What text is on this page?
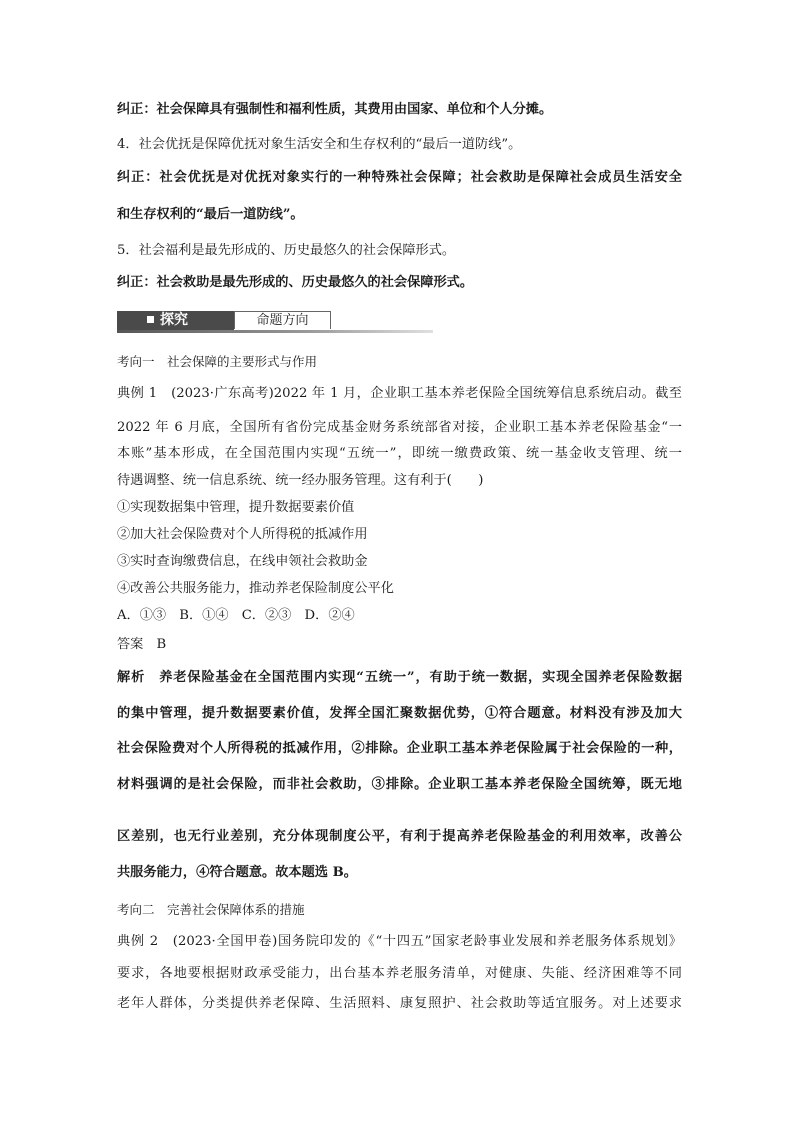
纠正：社会保障具有强制性和福利性质，其费用由国家、单位和个人分摊。
4．社会优抚是保障优抚对象生活安全和生存权利的“最后一道防线”。
纠正：社会优抚是对优抚对象实行的一种特殊社会保障；社会救助是保障社会成员生活安全
和生存权利的“最后一道防线”。
5．社会福利是最先形成的、历史最悠久的社会保障形式。
纠正：社会救助是最先形成的、历史最悠久的社会保障形式。
探究	命题方向
考向一　社会保障的主要形式与作用
典例 1　(2023·广东高考)2022 年 1 月，企业职工基本养老保险全国统筹信息系统启动。截至
2022 年 6 月底，全国所有省份完成基金财务系统部省对接，企业职工基本养老保险基金“一
本账”基本形成，在全国范围内实现“五统一”，即统一缴费政策、统一基金收支管理、统一
待遇调整、统一信息系统、统一经办服务管理。这有利于(　　)
①实现数据集中管理，提升数据要素价值
②加大社会保险费对个人所得税的抵减作用
③实时查询缴费信息，在线申领社会救助金
④改善公共服务能力，推动养老保险制度公平化
A．①③　B．①④　C．②③　D．②④
答案　B
解析　养老保险基金在全国范围内实现“五统一”，有助于统一数据，实现全国养老保险数据
的集中管理，提升数据要素价值，发挥全国汇聚数据优势，①符合题意。材料没有涉及加大
社会保险费对个人所得税的抵减作用，②排除。企业职工基本养老保险属于社会保险的一种，
材料强调的是社会保险，而非社会救助，③排除。企业职工基本养老保险全国统筹，既无地
区差别，也无行业差别，充分体现制度公平，有利于提高养老保险基金的利用效率，改善公
共服务能力，④符合题意。故本题选 B。
考向二　完善社会保障体系的措施
典例 2　(2023·全国甲卷)国务院印发的《“十四五”国家老龄事业发展和养老服务体系规划》
要求，各地要根据财政承受能力，出台基本养老服务清单，对健康、失能、经济困难等不同
老年人群体，分类提供养老保障、生活照料、康复照护、社会救助等适宜服务。对上述要求
